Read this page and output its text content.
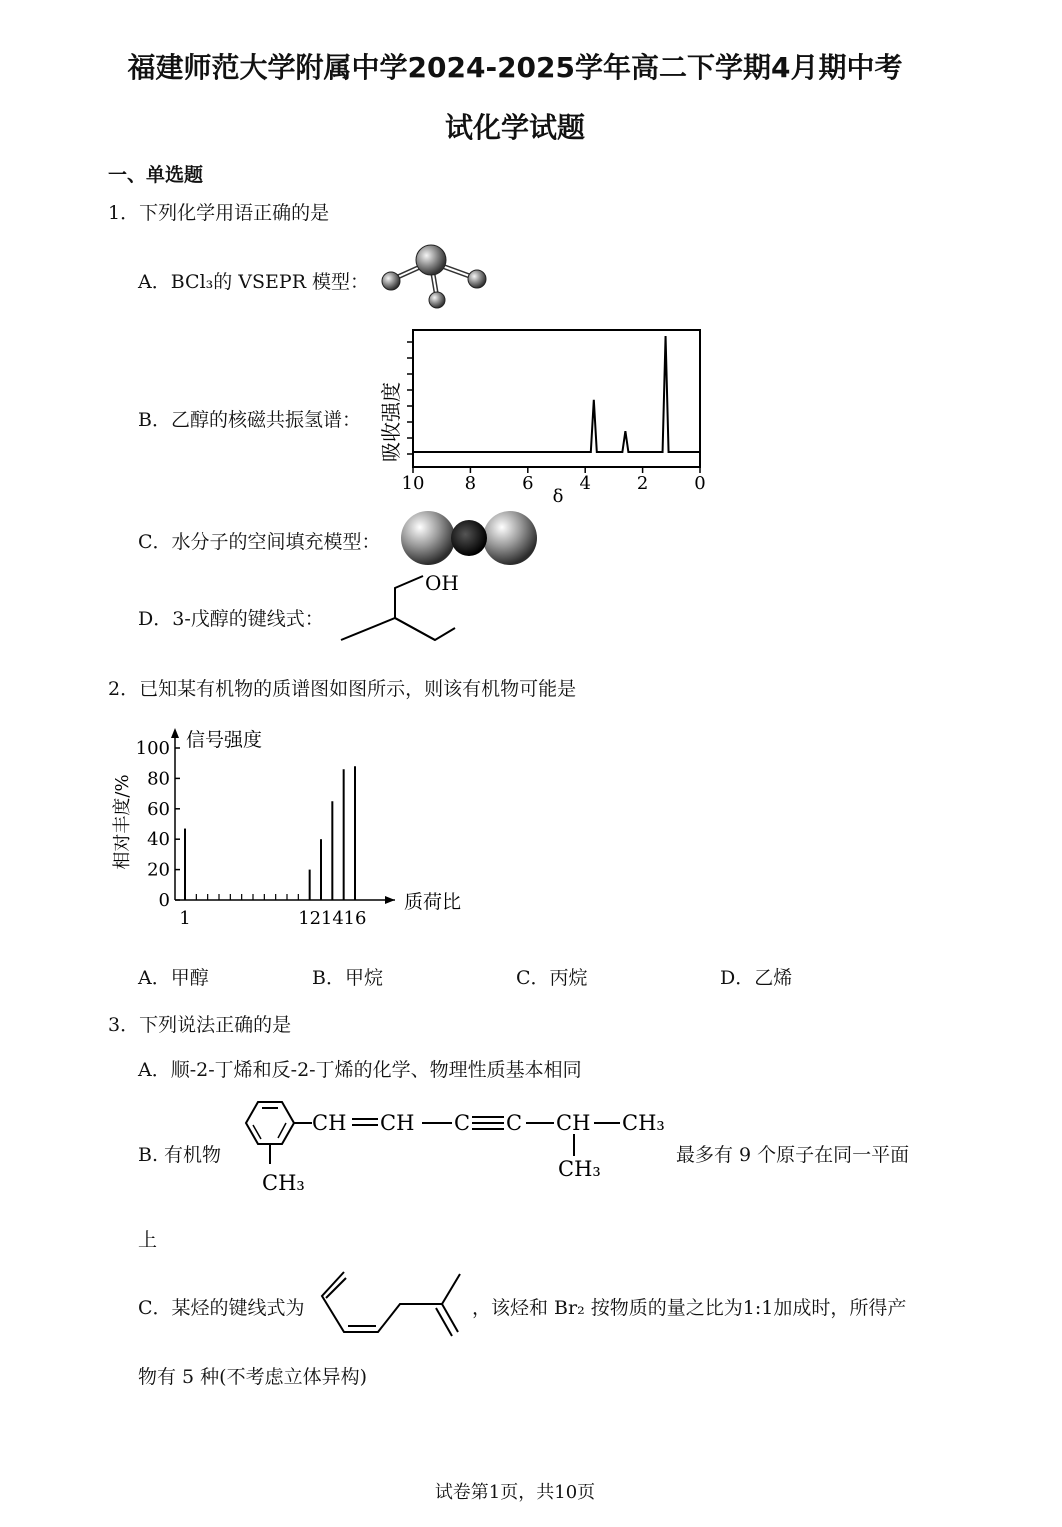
福建师范大学附属中学2024-2025学年高二下学期4月期中考
试化学试题
一、单选题
1．下列化学用语正确的是
A．BCl₃的 VSEPR 模型：
B．乙醇的核磁共振氢谱： 吸收强度
δ
10 8	6	4	2	0
C．水分子的空间填充模型：
D．3-戊醇的键线式：
OH
2．已知某有机物的质谱图如图所示，则该有机物可能是
信号强度
相对丰度/%
质荷比
100
80
60
40
20
0
1	12 14 16
A．甲醇	B．甲烷	C．丙烷	D．乙烯
3．下列说法正确的是
A．顺-2-丁烯和反-2-丁烯的化学、物理性质基本相同
B. 有机物
CH CH C C CH CH₃
CH₃
CH₃
最多有 9 个原子在同一平面
上
C．某烃的键线式为	，该烃和 Br₂ 按物质的量之比为1:1加成时，所得产
物有 5 种(不考虑立体异构)
试卷第1页，共10页
